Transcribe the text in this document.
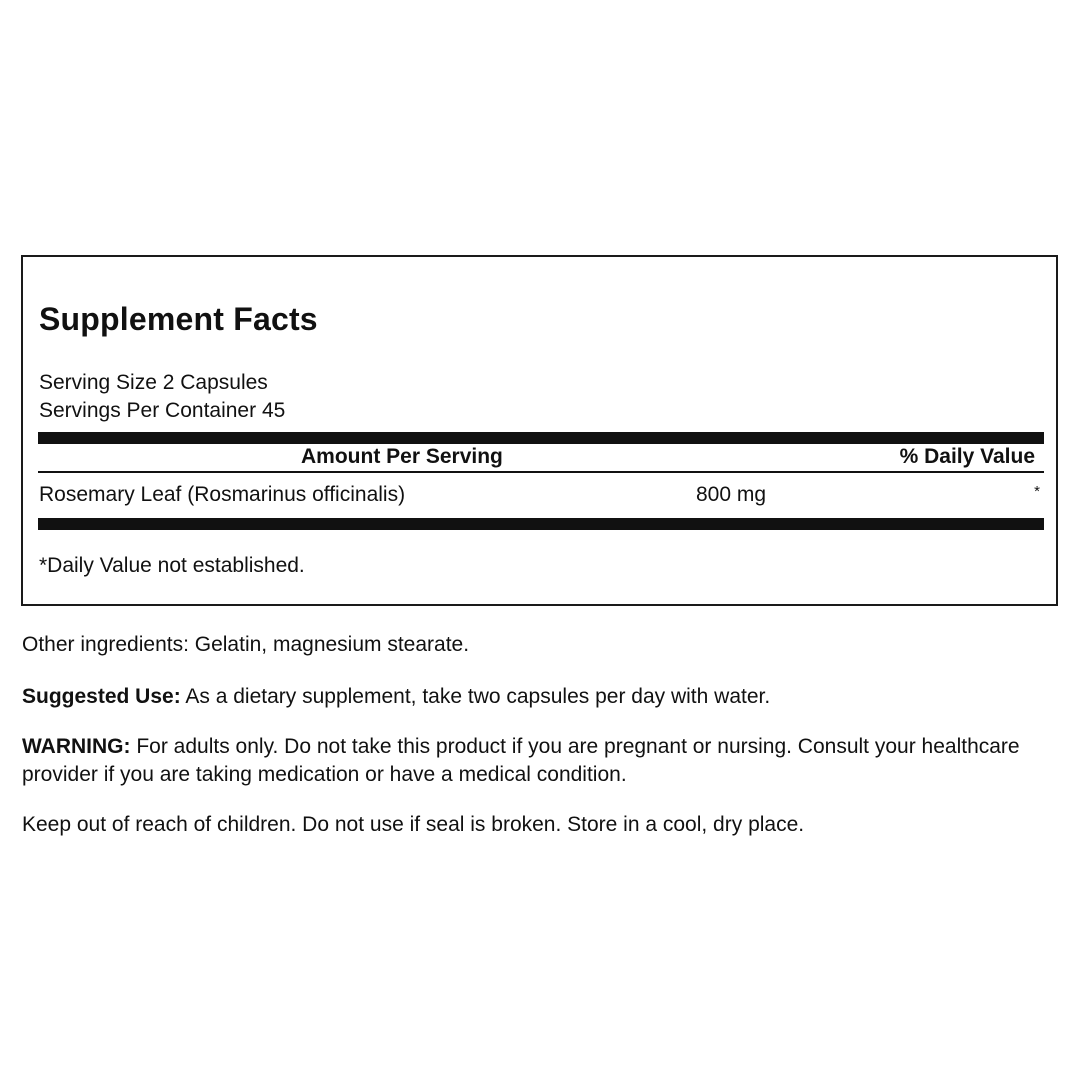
Supplement Facts
Serving Size 2 Capsules
Servings Per Container 45
Amount Per Serving	% Daily Value
Rosemary Leaf (Rosmarinus officinalis)	800 mg	*
*Daily Value not established.
Other ingredients: Gelatin, magnesium stearate.
Suggested Use: As a dietary supplement, take two capsules per day with water.
WARNING: For adults only. Do not take this product if you are pregnant or nursing. Consult your healthcare provider if you are taking medication or have a medical condition.
Keep out of reach of children. Do not use if seal is broken. Store in a cool, dry place.
